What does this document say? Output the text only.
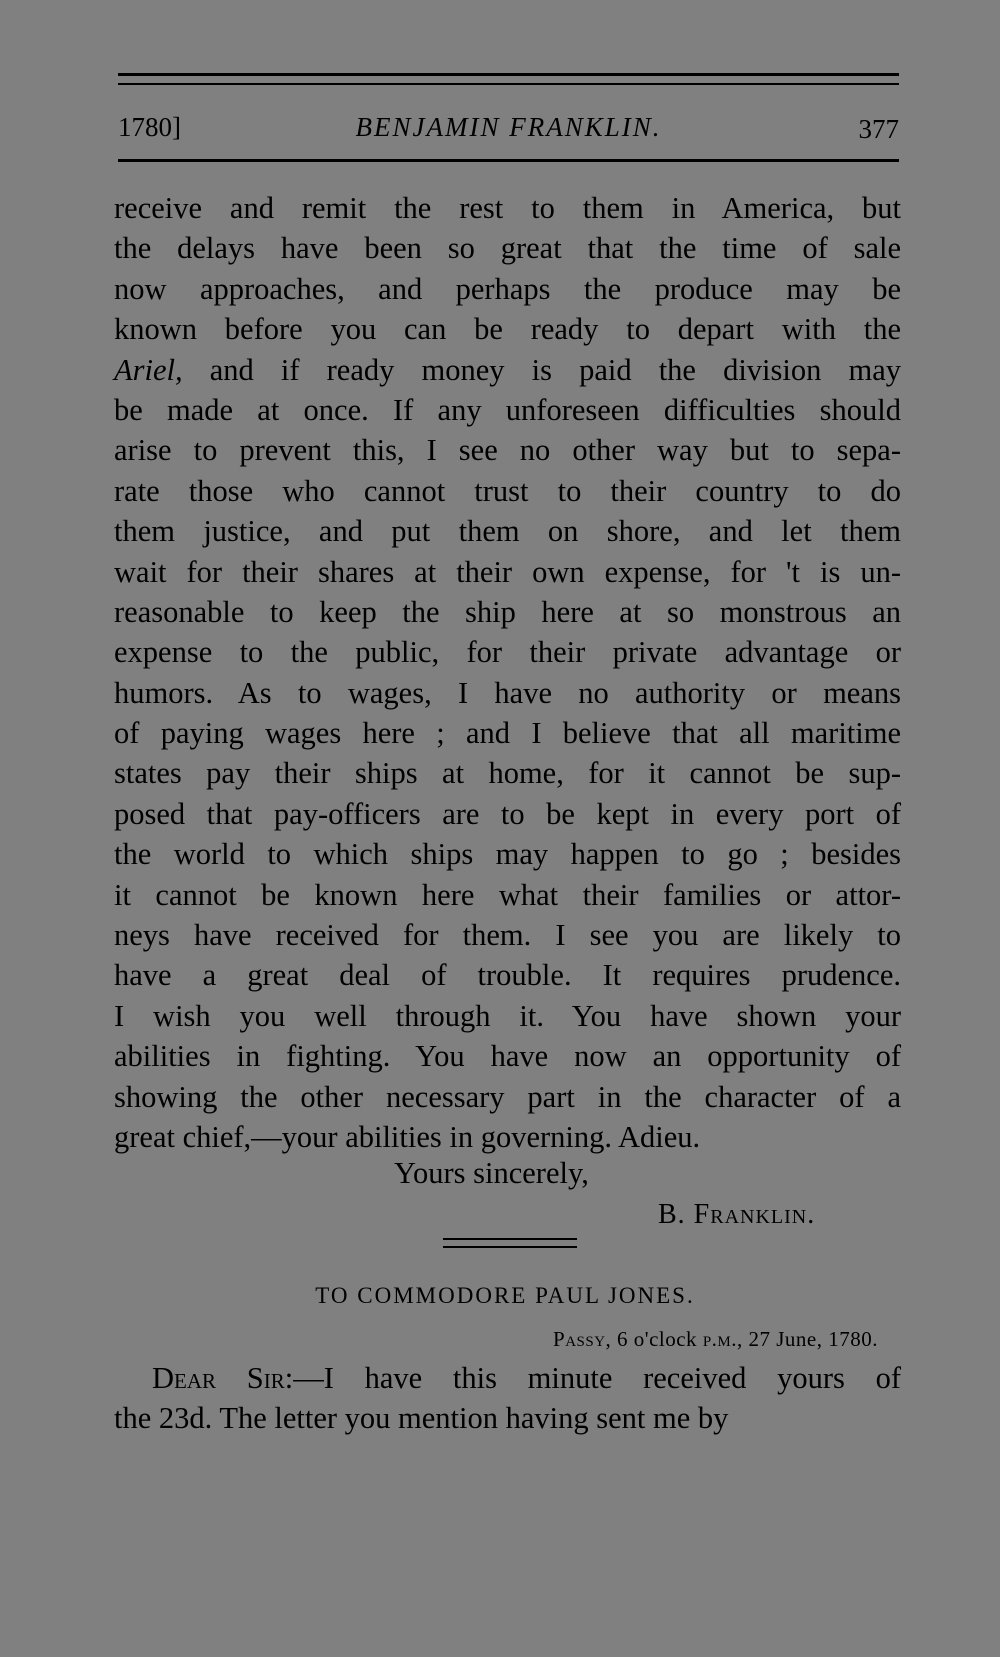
1780]	BENJAMIN FRANKLIN.	377
receive and remit the rest to them in America, but
the delays have been so great that the time of sale
now approaches, and perhaps the produce may be
known before you can be ready to depart with the
Ariel, and if ready money is paid the division may
be made at once. If any unforeseen difficulties should
arise to prevent this, I see no other way but to sepa-
rate those who cannot trust to their country to do
them justice, and put them on shore, and let them
wait for their shares at their own expense, for 't is un-
reasonable to keep the ship here at so monstrous an
expense to the public, for their private advantage or
humors. As to wages, I have no authority or means
of paying wages here ; and I believe that all maritime
states pay their ships at home, for it cannot be sup-
posed that pay-officers are to be kept in every port of
the world to which ships may happen to go ; besides
it cannot be known here what their families or attor-
neys have received for them. I see you are likely to
have a great deal of trouble. It requires prudence.
I wish you well through it. You have shown your
abilities in fighting. You have now an opportunity of
showing the other necessary part in the character of a
great chief,—your abilities in governing. Adieu.
Yours sincerely,
B. Franklin.
TO COMMODORE PAUL JONES.
Passy, 6 o'clock p.m., 27 June, 1780.
Dear Sir:—I have this minute received yours of
the 23d. The letter you mention having sent me by
